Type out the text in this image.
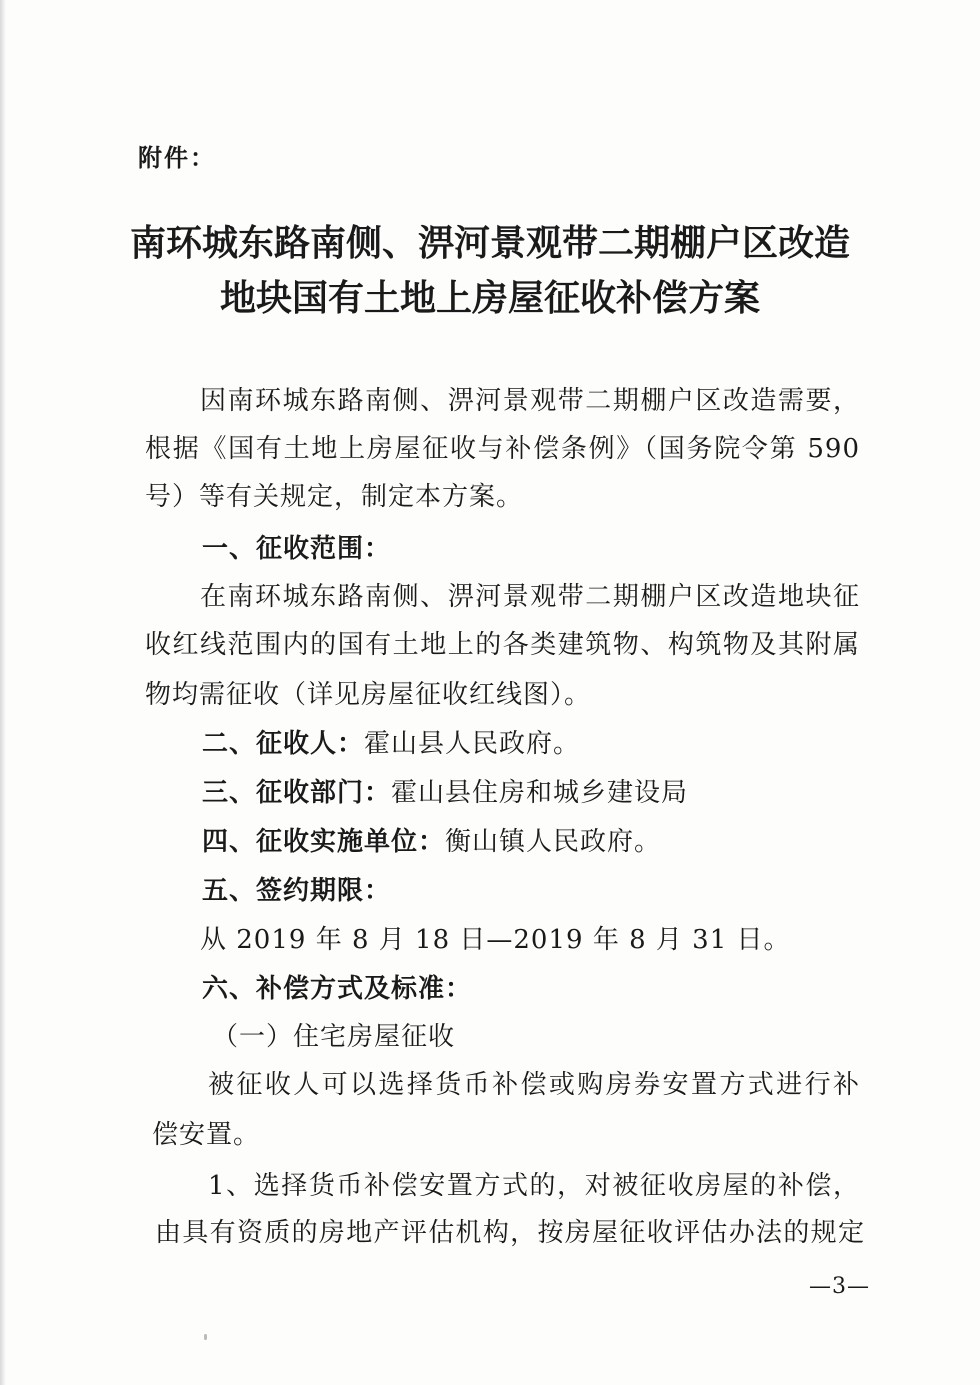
附件：
南环城东路南侧、淠河景观带二期棚户区改造
地块国有土地上房屋征收补偿方案
因南环城东路南侧、淠河景观带二期棚户区改造需要，
根据《国有土地上房屋征收与补偿条例》（国务院令第 590
号）等有关规定，制定本方案。
一、征收范围：
在南环城东路南侧、淠河景观带二期棚户区改造地块征
收红线范围内的国有土地上的各类建筑物、构筑物及其附属
物均需征收（详见房屋征收红线图）。
二、征收人：霍山县人民政府。
三、征收部门：霍山县住房和城乡建设局
四、征收实施单位：衡山镇人民政府。
五、签约期限：
从 2019 年 8 月 18 日—2019 年 8 月 31 日。
六、补偿方式及标准：
（一）住宅房屋征收
被征收人可以选择货币补偿或购房券安置方式进行补
偿安置。
1、选择货币补偿安置方式的，对被征收房屋的补偿，
由具有资质的房地产评估机构，按房屋征收评估办法的规定
—3—
